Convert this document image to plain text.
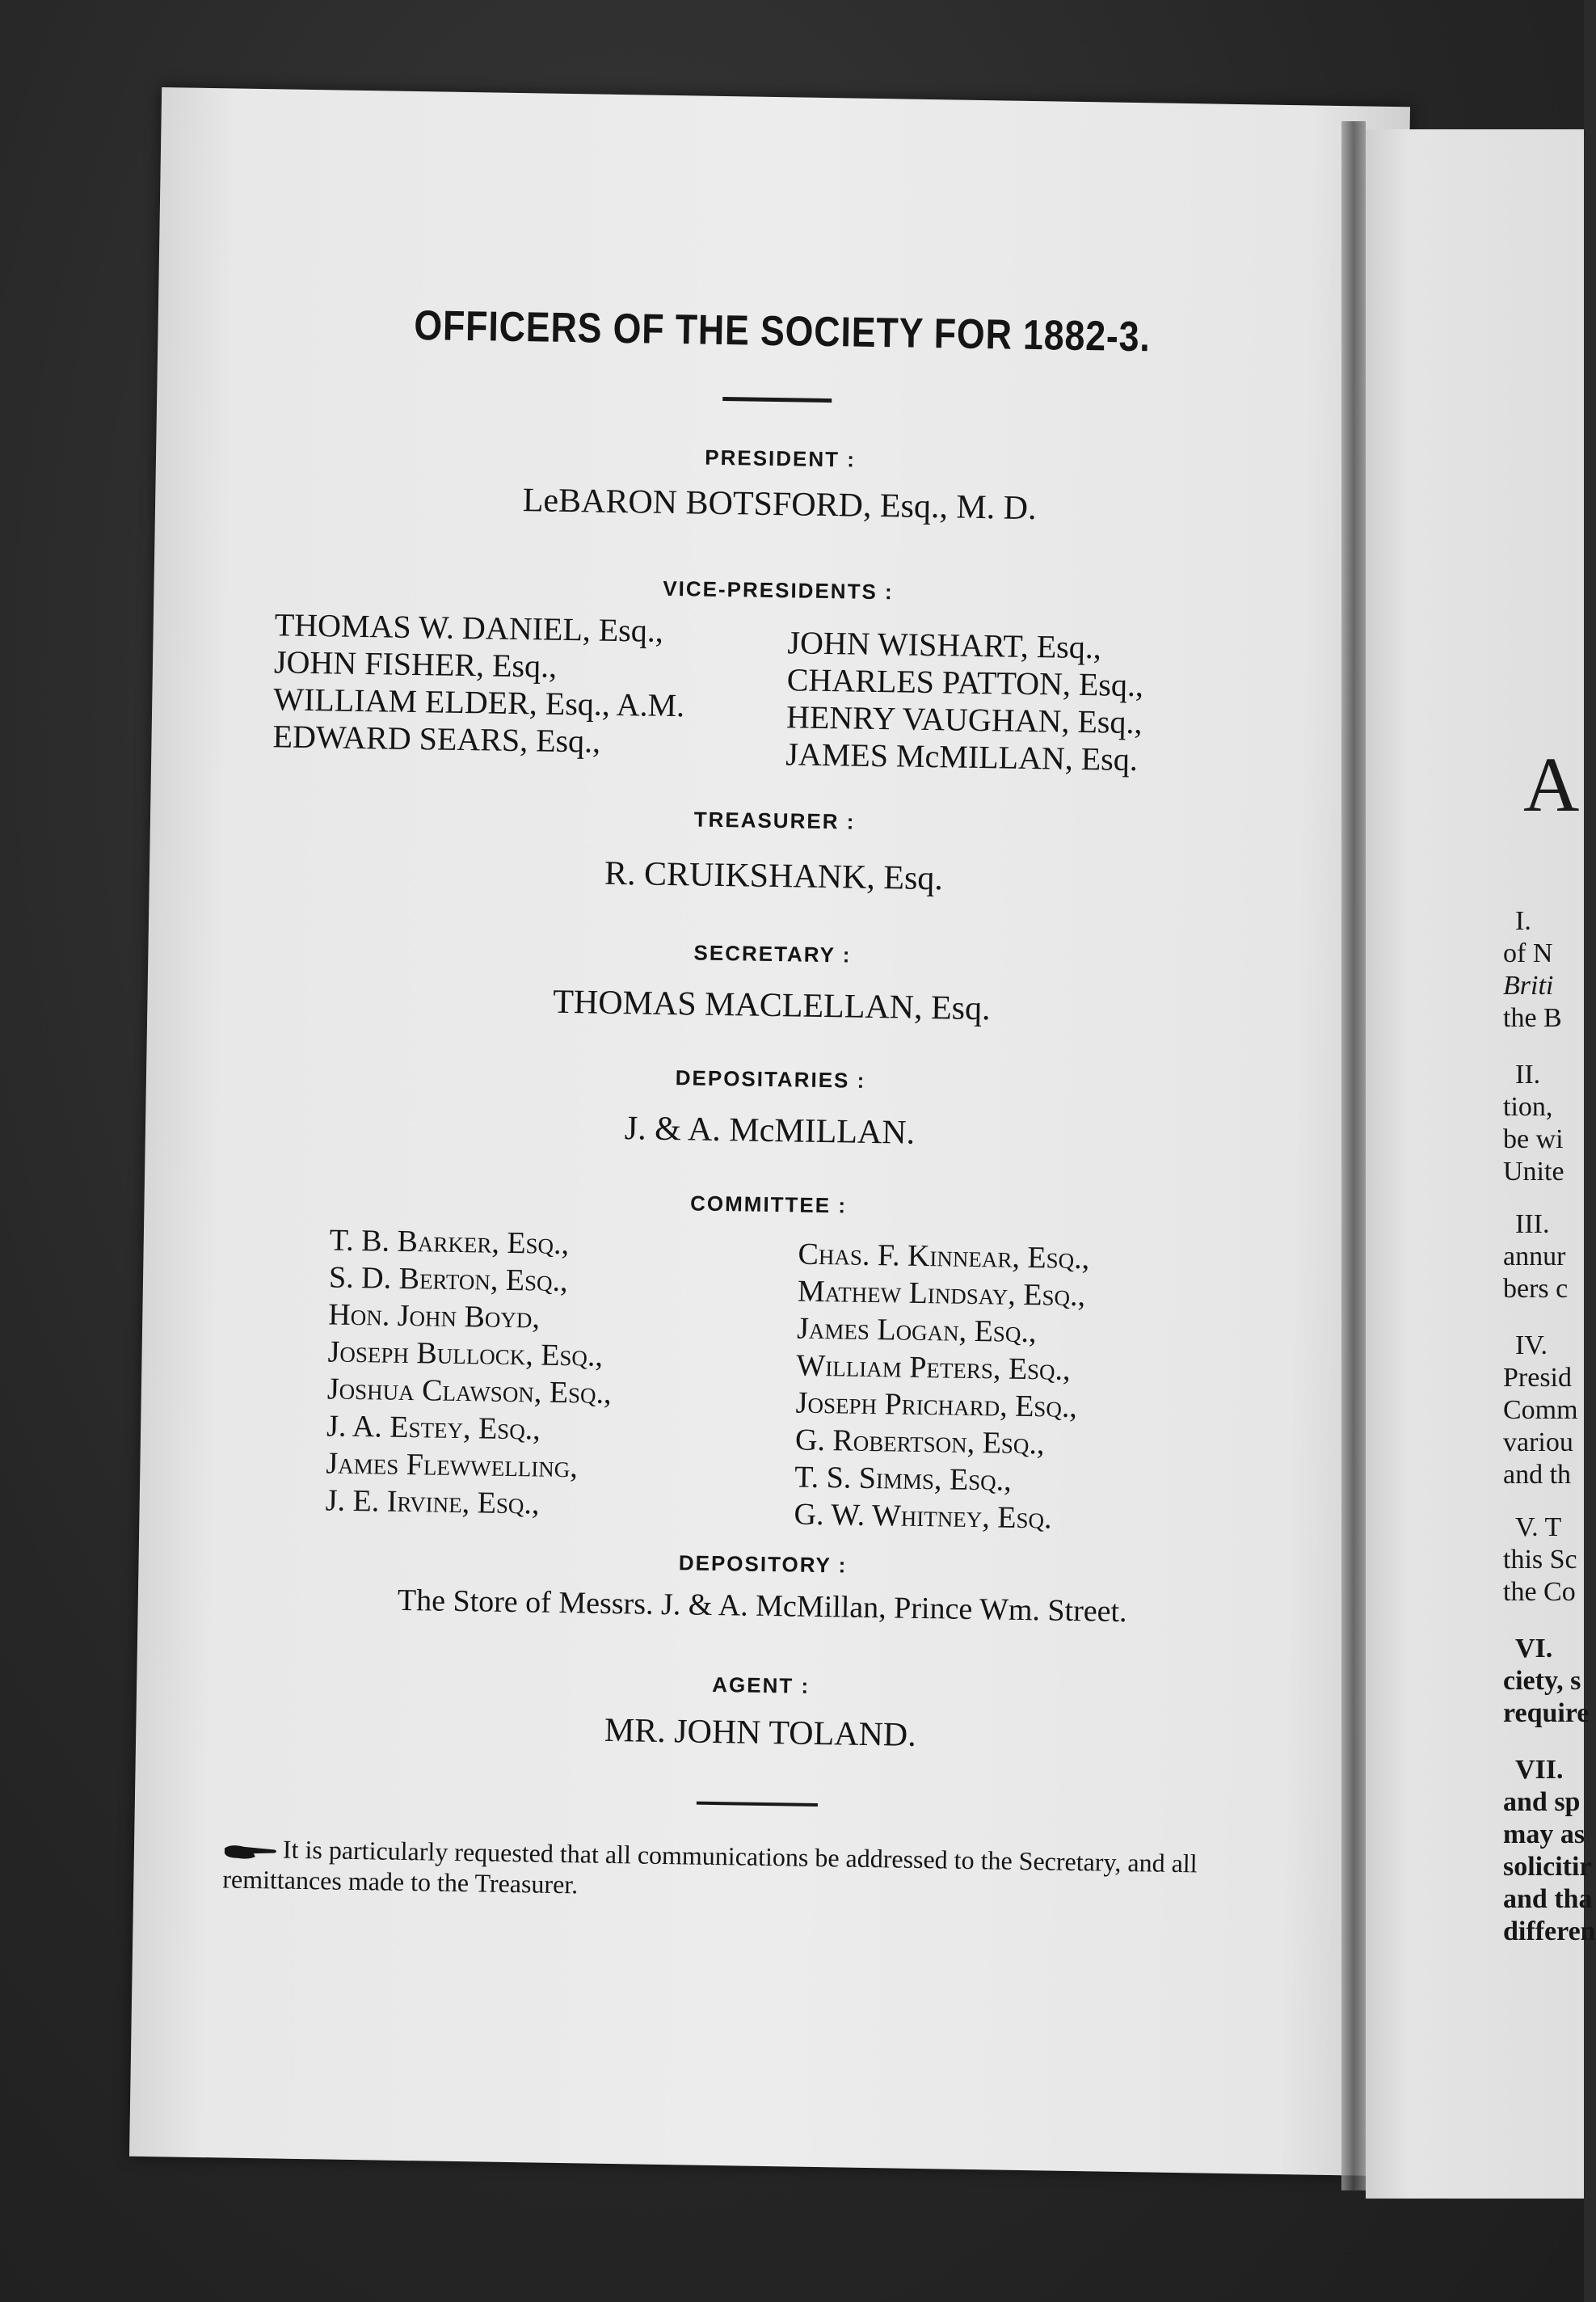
​
OFFICERS OF THE SOCIETY FOR 1882-3.
PRESIDENT :
LeBARON BOTSFORD, Esq., M. D.
VICE-PRESIDENTS :
THOMAS W. DANIEL, Esq.,
JOHN FISHER, Esq.,
WILLIAM ELDER, Esq., A.M.
EDWARD SEARS, Esq.,
JOHN WISHART, Esq.,
CHARLES PATTON, Esq.,
HENRY VAUGHAN, Esq.,
JAMES McMILLAN, Esq.
TREASURER :
R. CRUIKSHANK, Esq.
SECRETARY :
THOMAS MACLELLAN, Esq.
DEPOSITARIES :
J. & A. McMILLAN.
COMMITTEE :
T. B. Barker, Esq.,
S. D. Berton, Esq.,
Hon. John Boyd,
Joseph Bullock, Esq.,
Joshua Clawson, Esq.,
J. A. Estey, Esq.,
James Flewwelling,
J. E. Irvine, Esq.,
Chas. F. Kinnear, Esq.,
Mathew Lindsay, Esq.,
James Logan, Esq.,
William Peters, Esq.,
Joseph Prichard, Esq.,
G. Robertson, Esq.,
T. S. Simms, Esq.,
G. W. Whitney, Esq.
DEPOSITORY :
The Store of Messrs. J. & A. McMillan, Prince Wm. Street.
AGENT :
MR. JOHN TOLAND.
It is particularly requested that all communications be addressed to the Secretary, and all remittances made to the Treasurer.
A
I.
of N
Briti
the B
II.
tion,
be wi
Unite
III.
annur
bers c
IV.
Presid
Comm
variou
and th
V. T
this Sc
the Co
VI.
ciety, s
require
VII.
and sp
may as
solicitir
and tha
differen
